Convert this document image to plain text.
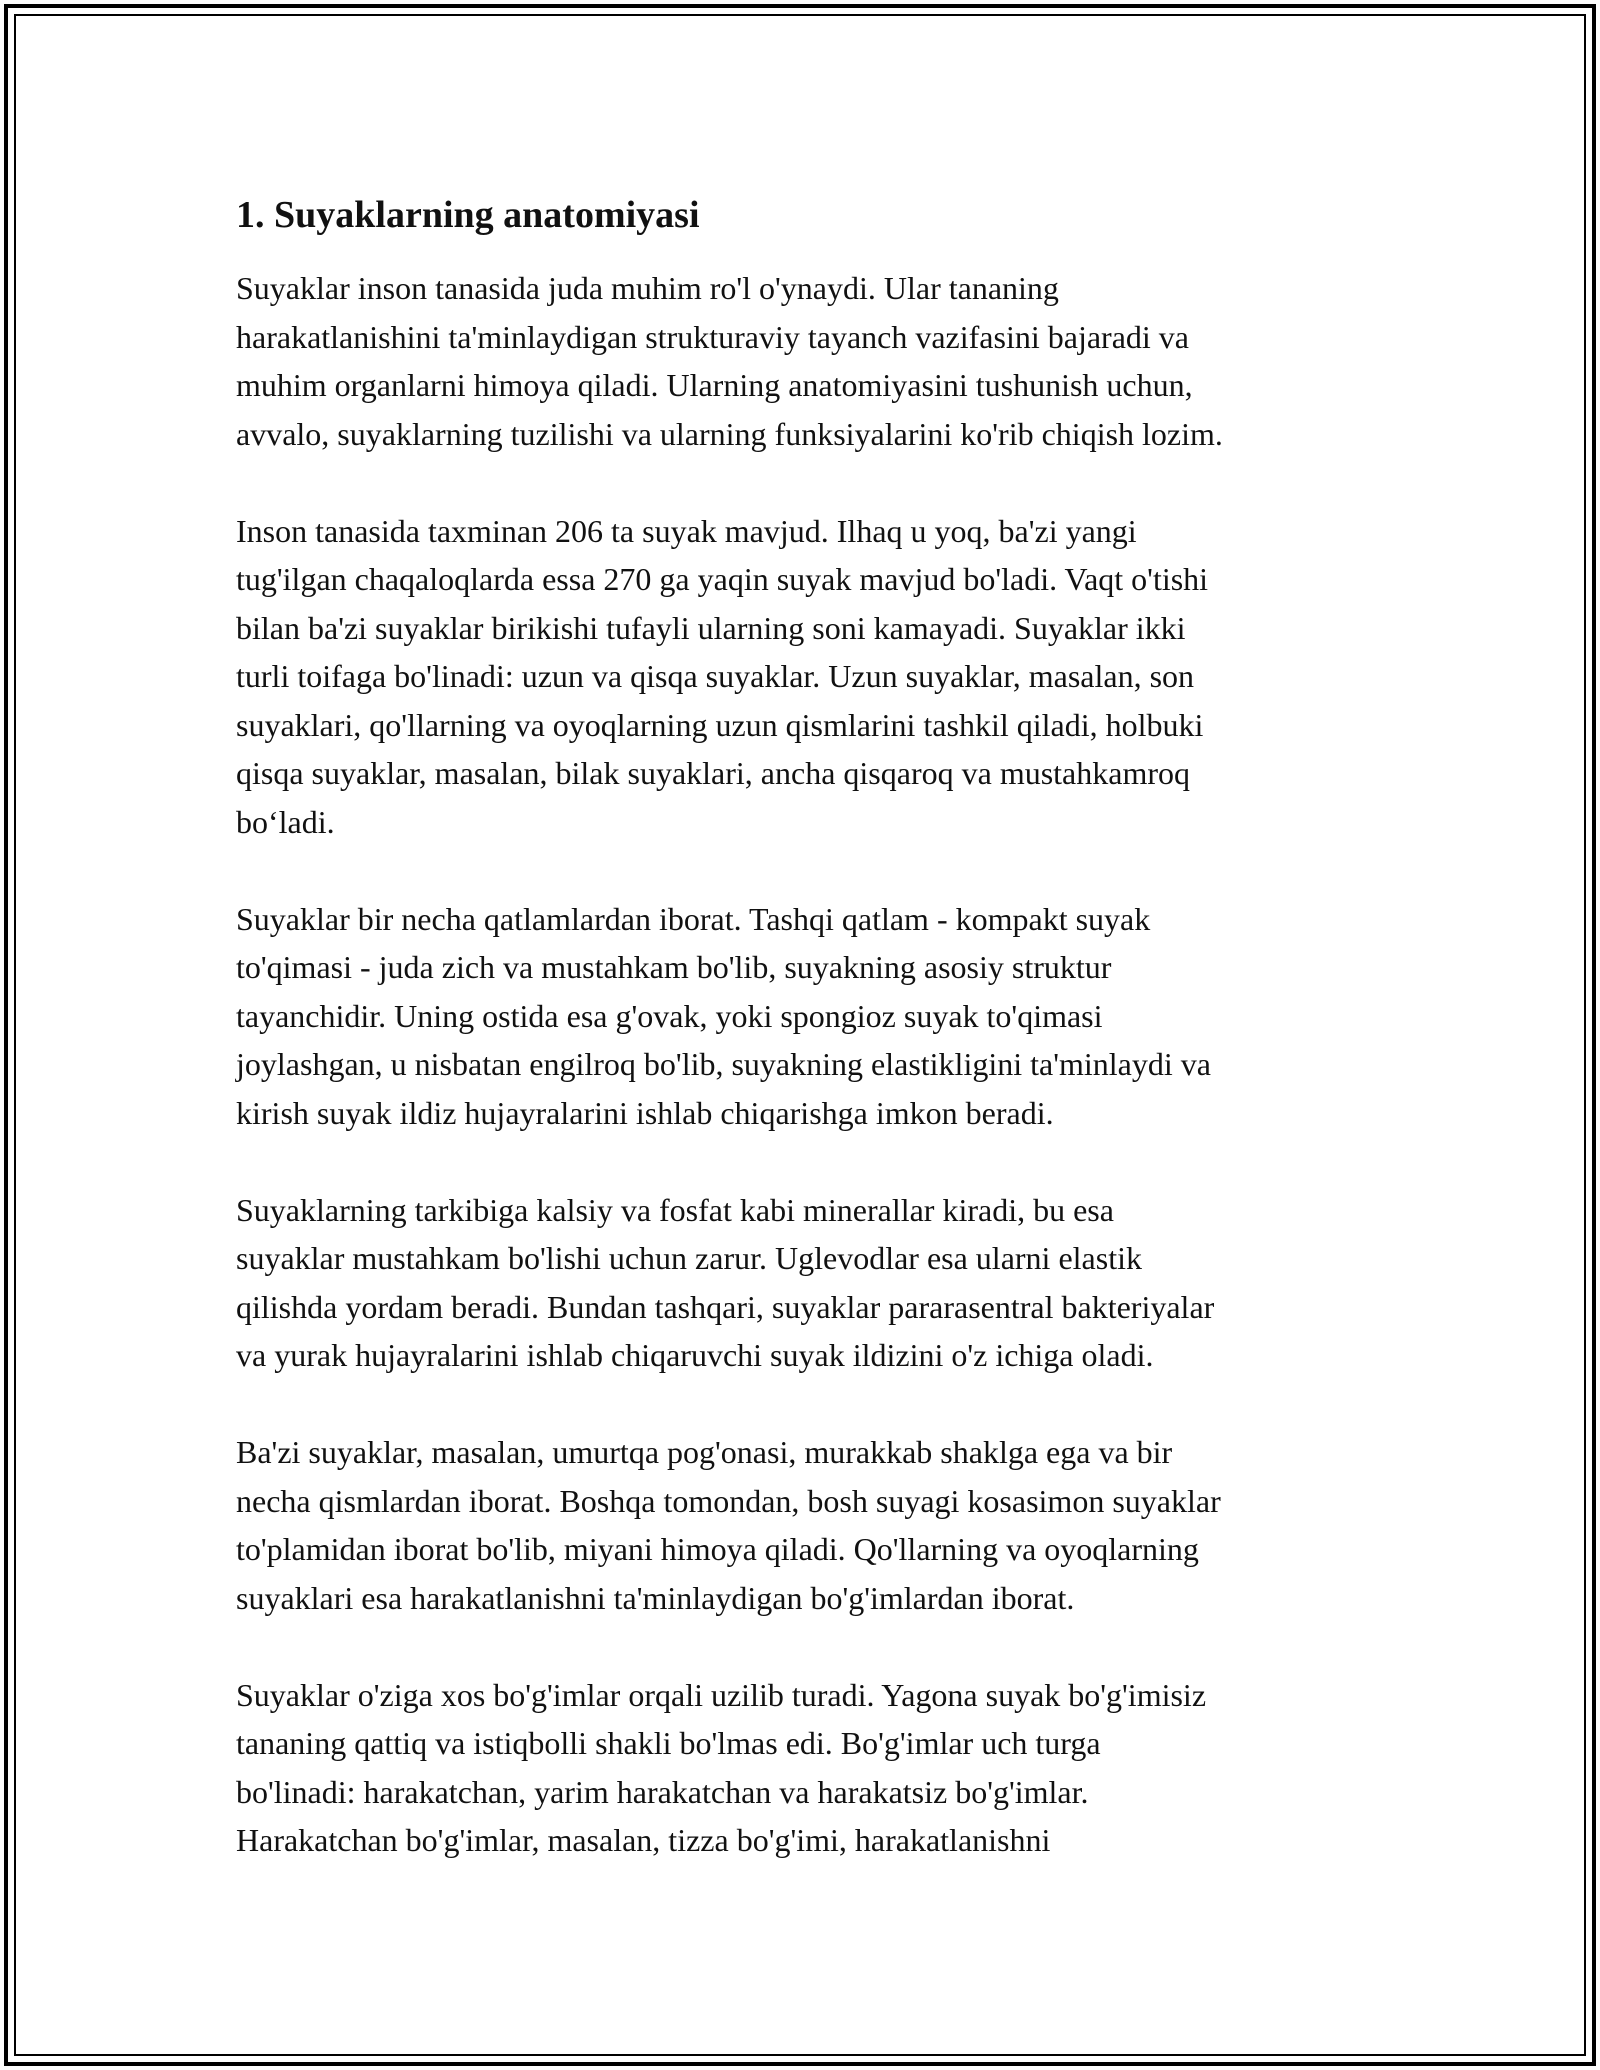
1. Suyaklarning anatomiyasi
Suyaklar inson tanasida juda muhim ro'l o'ynaydi. Ular tananing
harakatlanishini ta'minlaydigan strukturaviy tayanch vazifasini bajaradi va
muhim organlarni himoya qiladi. Ularning anatomiyasini tushunish uchun,
avvalo, suyaklarning tuzilishi va ularning funksiyalarini ko'rib chiqish lozim.
Inson tanasida taxminan 206 ta suyak mavjud. Ilhaq u yoq, ba'zi yangi
tug'ilgan chaqaloqlarda essa 270 ga yaqin suyak mavjud bo'ladi. Vaqt o'tishi
bilan ba'zi suyaklar birikishi tufayli ularning soni kamayadi. Suyaklar ikki
turli toifaga bo'linadi: uzun va qisqa suyaklar. Uzun suyaklar, masalan, son
suyaklari, qo'llarning va oyoqlarning uzun qismlarini tashkil qiladi, holbuki
qisqa suyaklar, masalan, bilak suyaklari, ancha qisqaroq va mustahkamroq
bo‘ladi.
Suyaklar bir necha qatlamlardan iborat. Tashqi qatlam - kompakt suyak
to'qimasi - juda zich va mustahkam bo'lib, suyakning asosiy struktur
tayanchidir. Uning ostida esa g'ovak, yoki spongioz suyak to'qimasi
joylashgan, u nisbatan engilroq bo'lib, suyakning elastikligini ta'minlaydi va
kirish suyak ildiz hujayralarini ishlab chiqarishga imkon beradi.
Suyaklarning tarkibiga kalsiy va fosfat kabi minerallar kiradi, bu esa
suyaklar mustahkam bo'lishi uchun zarur. Uglevodlar esa ularni elastik
qilishda yordam beradi. Bundan tashqari, suyaklar pararasentral bakteriyalar
va yurak hujayralarini ishlab chiqaruvchi suyak ildizini o'z ichiga oladi.
Ba'zi suyaklar, masalan, umurtqa pog'onasi, murakkab shaklga ega va bir
necha qismlardan iborat. Boshqa tomondan, bosh suyagi kosasimon suyaklar
to'plamidan iborat bo'lib, miyani himoya qiladi. Qo'llarning va oyoqlarning
suyaklari esa harakatlanishni ta'minlaydigan bo'g'imlardan iborat.
Suyaklar o'ziga xos bo'g'imlar orqali uzilib turadi. Yagona suyak bo'g'imisiz
tananing qattiq va istiqbolli shakli bo'lmas edi. Bo'g'imlar uch turga
bo'linadi: harakatchan, yarim harakatchan va harakatsiz bo'g'imlar.
Harakatchan bo'g'imlar, masalan, tizza bo'g'imi, harakatlanishni
